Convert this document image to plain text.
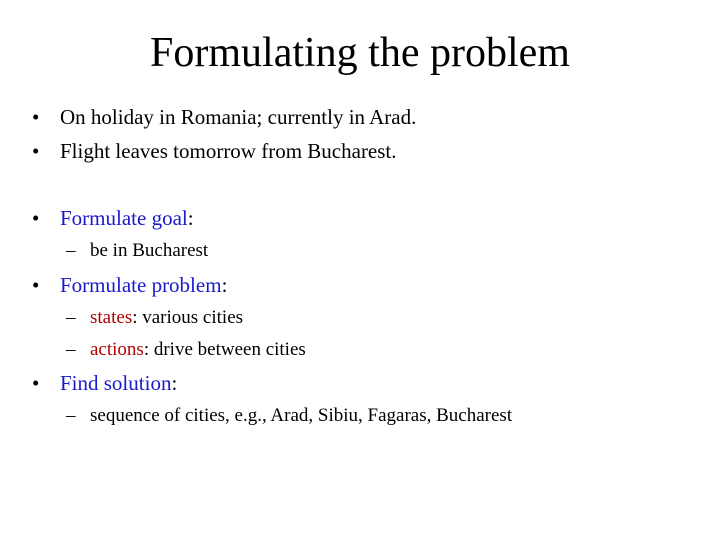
Formulating the problem
• On holiday in Romania; currently in Arad.
• Flight leaves tomorrow from Bucharest.
• Formulate goal:
– be in Bucharest
• Formulate problem:
– states: various cities
– actions: drive between cities
• Find solution:
– sequence of cities, e.g., Arad, Sibiu, Fagaras, Bucharest
